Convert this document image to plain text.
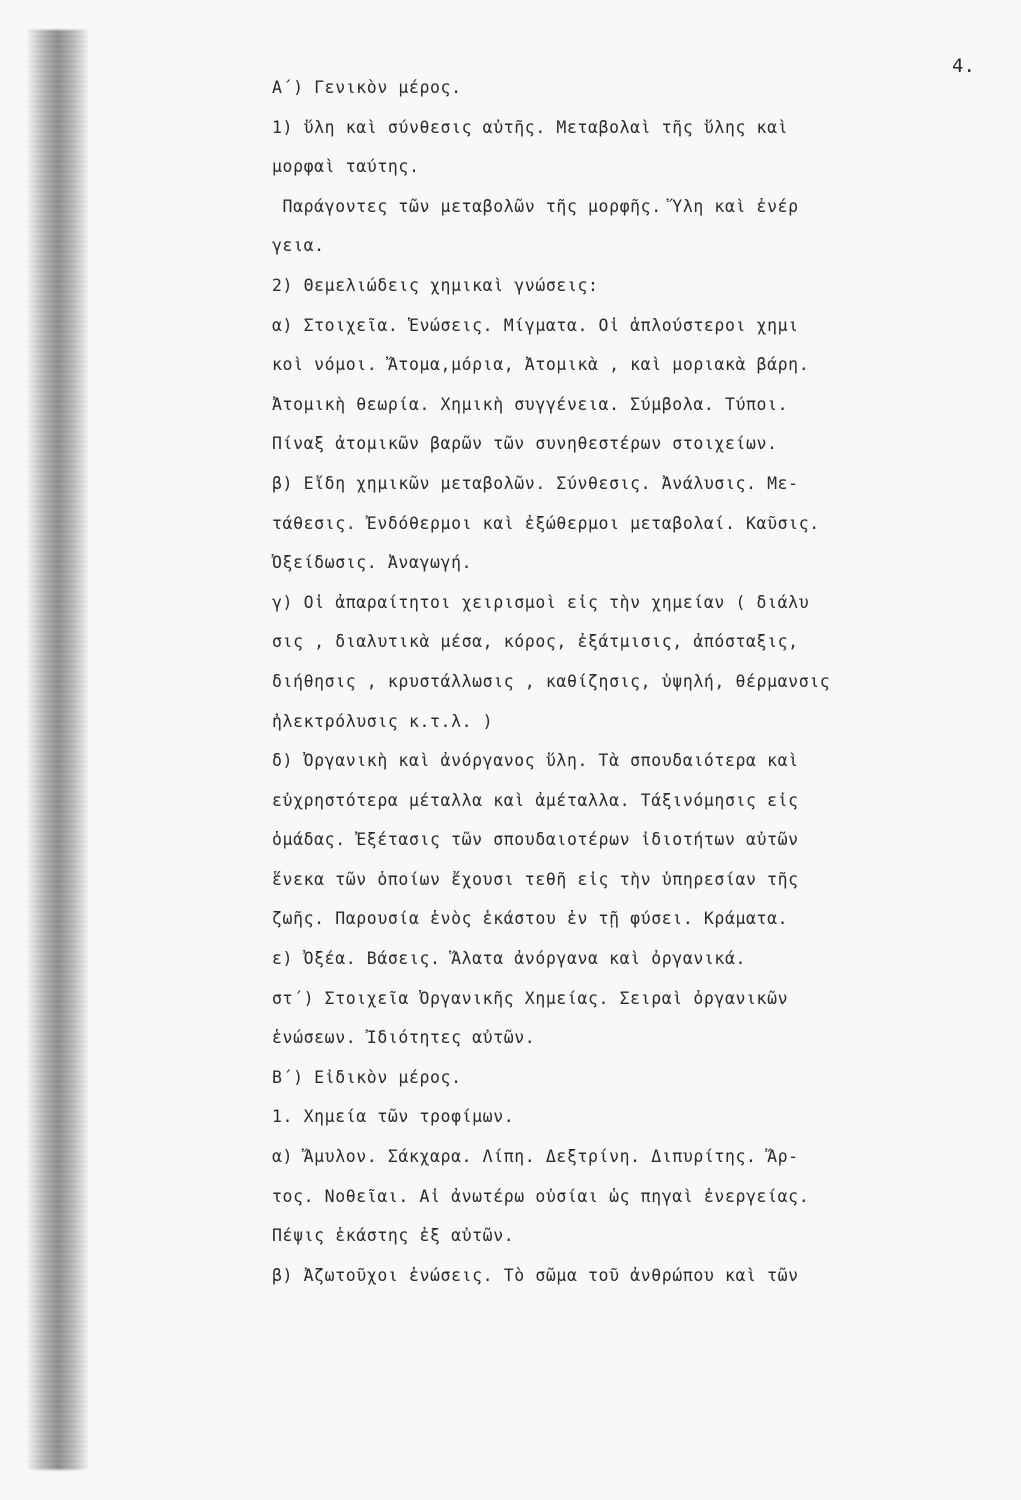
4.
Α΄) Γενικὸν μέρος.
1) ὕλη καὶ σύνθεσις αὐτῆς. Μεταβολαὶ τῆς ὕλης καὶ
μορφαὶ ταύτης.
Παράγοντες τῶν μεταβολῶν τῆς μορφῆς. Ὕλη καὶ ἐνέρ
γεια.
2) Θεμελιώδεις χημικαὶ γνώσεις:
α) Στοιχεῖα. Ἑνώσεις. Μίγματα. Οἱ ἁπλούστεροι χημι
κοὶ νόμοι. Ἄτομα,μόρια, Ἀτομικὰ , καὶ μοριακὰ βάρη.
Ἀτομικὴ θεωρία. Χημικὴ συγγένεια. Σύμβολα. Τύποι.
Πίναξ ἀτομικῶν βαρῶν τῶν συνηθεστέρων στοιχείων.
β) Εἴδη χημικῶν μεταβολῶν. Σύνθεσις. Ἀνάλυσις. Με-
τάθεσις. Ἐνδόθερμοι καὶ ἐξώθερμοι μεταβολαί. Καῦσις.
Ὀξείδωσις. Ἀναγωγή.
γ) Οἱ ἀπαραίτητοι χειρισμοὶ εἰς τὴν χημείαν ( διάλυ
σις , διαλυτικὰ μέσα, κόρος, ἐξάτμισις, ἀπόσταξις,
διήθησις , κρυστάλλωσις , καθίζησις, ὑψηλή, θέρμανσις
ἠλεκτρόλυσις κ.τ.λ. )
δ) Ὀργανικὴ καὶ ἀνόργανος ὕλη. Τὰ σπουδαιότερα καὶ
εὐχρηστότερα μέταλλα καὶ ἀμέταλλα. Τάξινόμησις εἰς
ὁμάδας. Ἐξέτασις τῶν σπουδαιοτέρων ἰδιοτήτων αὐτῶν
ἕνεκα τῶν ὁποίων ἔχουσι τεθῆ εἰς τὴν ὑπηρεσίαν τῆς
ζωῆς. Παρουσία ἑνὸς ἑκάστου ἐν τῇ φύσει. Κράματα.
ε) Ὀξέα. Βάσεις. Ἅλατα ἀνόργανα καὶ ὀργανικά.
στ΄) Στοιχεῖα Ὀργανικῆς Χημείας. Σειραὶ ὀργανικῶν
ἑνώσεων. Ἰδιότητες αὐτῶν.
Β΄) Εἰδικὸν μέρος.
1. Χημεία τῶν τροφίμων.
α) Ἄμυλον. Σάκχαρα. Λίπη. Δεξτρίνη. Διπυρίτης. Ἄρ-
τος. Νοθεῖαι. Αἱ ἀνωτέρω οὐσίαι ὡς πηγαὶ ἐνεργείας.
Πέψις ἑκάστης ἐξ αὐτῶν.
β) Ἀζωτοῦχοι ἑνώσεις. Τὸ σῶμα τοῦ ἀνθρώπου καὶ τῶν
